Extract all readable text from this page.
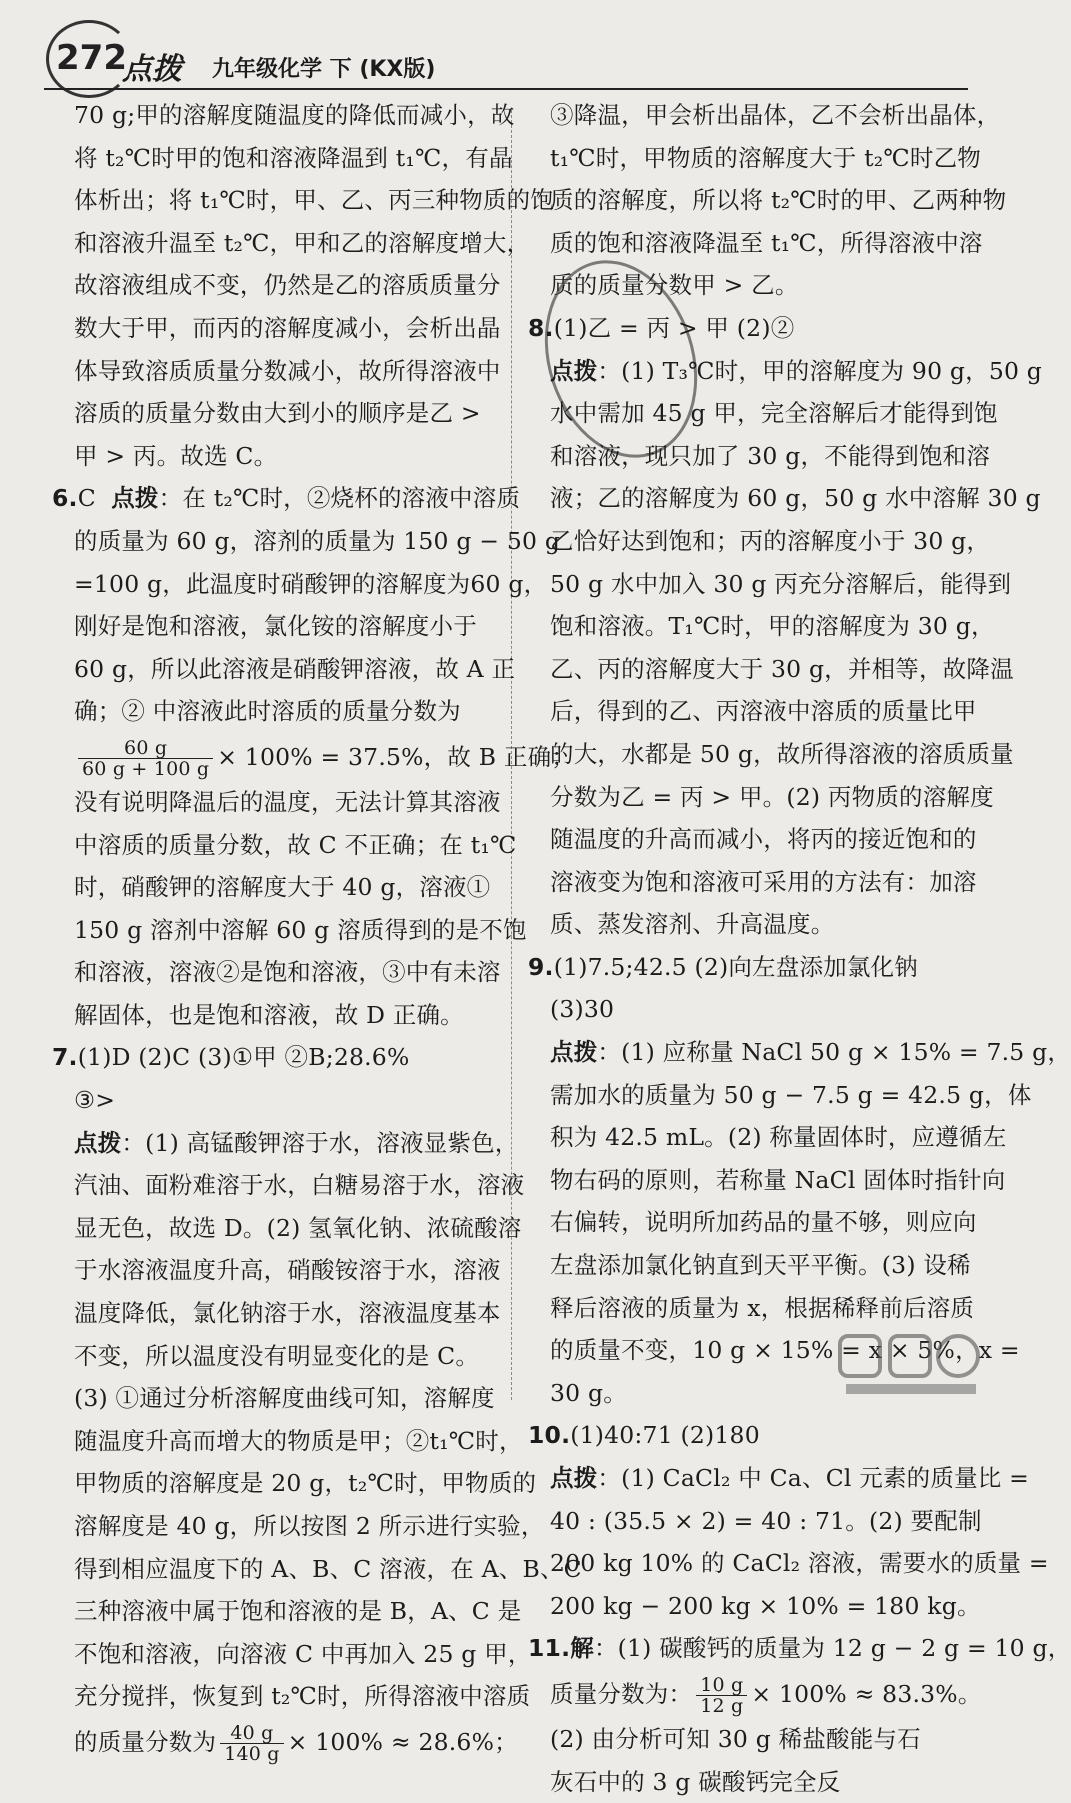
272
点拨 九年级化学 下 (KX版)
70 g;甲的溶解度随温度的降低而减小，故
将 t₂℃时甲的饱和溶液降温到 t₁℃，有晶
体析出；将 t₁℃时，甲、乙、丙三种物质的饱
和溶液升温至 t₂℃，甲和乙的溶解度增大，
故溶液组成不变，仍然是乙的溶质质量分
数大于甲，而丙的溶解度减小，会析出晶
体导致溶质质量分数减小，故所得溶液中
溶质的质量分数由大到小的顺序是乙 >
甲 > 丙。故选 C。
6.C 点拨：在 t₂℃时，②烧杯的溶液中溶质
的质量为 60 g，溶剂的质量为 150 g − 50 g
=100 g，此温度时硝酸钾的溶解度为60 g，
刚好是饱和溶液，氯化铵的溶解度小于
60 g，所以此溶液是硝酸钾溶液，故 A 正
确；② 中溶液此时溶质的质量分数为
$\frac{60 g}{60 g + 100 g} \times 100\% = 37.5\%$，故 B 正确；
没有说明降温后的温度，无法计算其溶液
中溶质的质量分数，故 C 不正确；在 t₁℃
时，硝酸钾的溶解度大于 40 g，溶液①
150 g 溶剂中溶解 60 g 溶质得到的是不饱
和溶液，溶液②是饱和溶液，③中有未溶
解固体，也是饱和溶液，故 D 正确。
7.(1)D (2)C (3)①甲 ②B;28.6%
③>
点拨：(1) 高锰酸钾溶于水，溶液显紫色，
汽油、面粉难溶于水，白糖易溶于水，溶液
显无色，故选 D。(2) 氢氧化钠、浓硫酸溶
于水溶液温度升高，硝酸铵溶于水，溶液
温度降低，氯化钠溶于水，溶液温度基本
不变，所以温度没有明显变化的是 C。
(3) ①通过分析溶解度曲线可知，溶解度
随温度升高而增大的物质是甲；②t₁℃时，
甲物质的溶解度是 20 g，t₂℃时，甲物质的
溶解度是 40 g，所以按图 2 所示进行实验，
得到相应温度下的 A、B、C 溶液，在 A、B、C
三种溶液中属于饱和溶液的是 B，A、C 是
不饱和溶液，向溶液 C 中再加入 25 g 甲，
充分搅拌，恢复到 t₂℃时，所得溶液中溶质
的质量分数为 $\frac{40 g}{140 g} \times 100\% \approx 28.6\%$；
③降温，甲会析出晶体，乙不会析出晶体，
t₁℃时，甲物质的溶解度大于 t₂℃时乙物
质的溶解度，所以将 t₂℃时的甲、乙两种物
质的饱和溶液降温至 t₁℃，所得溶液中溶
质的质量分数甲 > 乙。
8.(1)乙 = 丙 > 甲 (2)②
点拨：(1) T₃℃时，甲的溶解度为 90 g，50 g
水中需加 45 g 甲，完全溶解后才能得到饱
和溶液，现只加了 30 g，不能得到饱和溶
液；乙的溶解度为 60 g，50 g 水中溶解 30 g
乙恰好达到饱和；丙的溶解度小于 30 g，
50 g 水中加入 30 g 丙充分溶解后，能得到
饱和溶液。T₁℃时，甲的溶解度为 30 g，
乙、丙的溶解度大于 30 g，并相等，故降温
后，得到的乙、丙溶液中溶质的质量比甲
的大，水都是 50 g，故所得溶液的溶质质量
分数为乙 = 丙 > 甲。(2) 丙物质的溶解度
随温度的升高而减小，将丙的接近饱和的
溶液变为饱和溶液可采用的方法有：加溶
质、蒸发溶剂、升高温度。
9.(1)7.5;42.5 (2)向左盘添加氯化钠
(3)30
点拨：(1) 应称量 NaCl 50 g × 15% = 7.5 g，
需加水的质量为 50 g − 7.5 g = 42.5 g，体
积为 42.5 mL。(2) 称量固体时，应遵循左
物右码的原则，若称量 NaCl 固体时指针向
右偏转，说明所加药品的量不够，则应向
左盘添加氯化钠直到天平平衡。(3) 设稀
释后溶液的质量为 x，根据稀释前后溶质
的质量不变，10 g × 15% = x × 5%，x =
30 g。
10.(1)40:71 (2)180
点拨：(1) CaCl₂ 中 Ca、Cl 元素的质量比 =
40 : (35.5 × 2) = 40 : 71。(2) 要配制
200 kg 10% 的 CaCl₂ 溶液，需要水的质量 =
200 kg − 200 kg × 10% = 180 kg。
11.解：(1) 碳酸钙的质量为 12 g − 2 g = 10 g，
质量分数为： $\frac{10 g}{12 g} \times 100\% \approx 83.3\%$。
(2) 由分析可知 30 g 稀盐酸能与石
灰石中的 3 g 碳酸钙完全反
